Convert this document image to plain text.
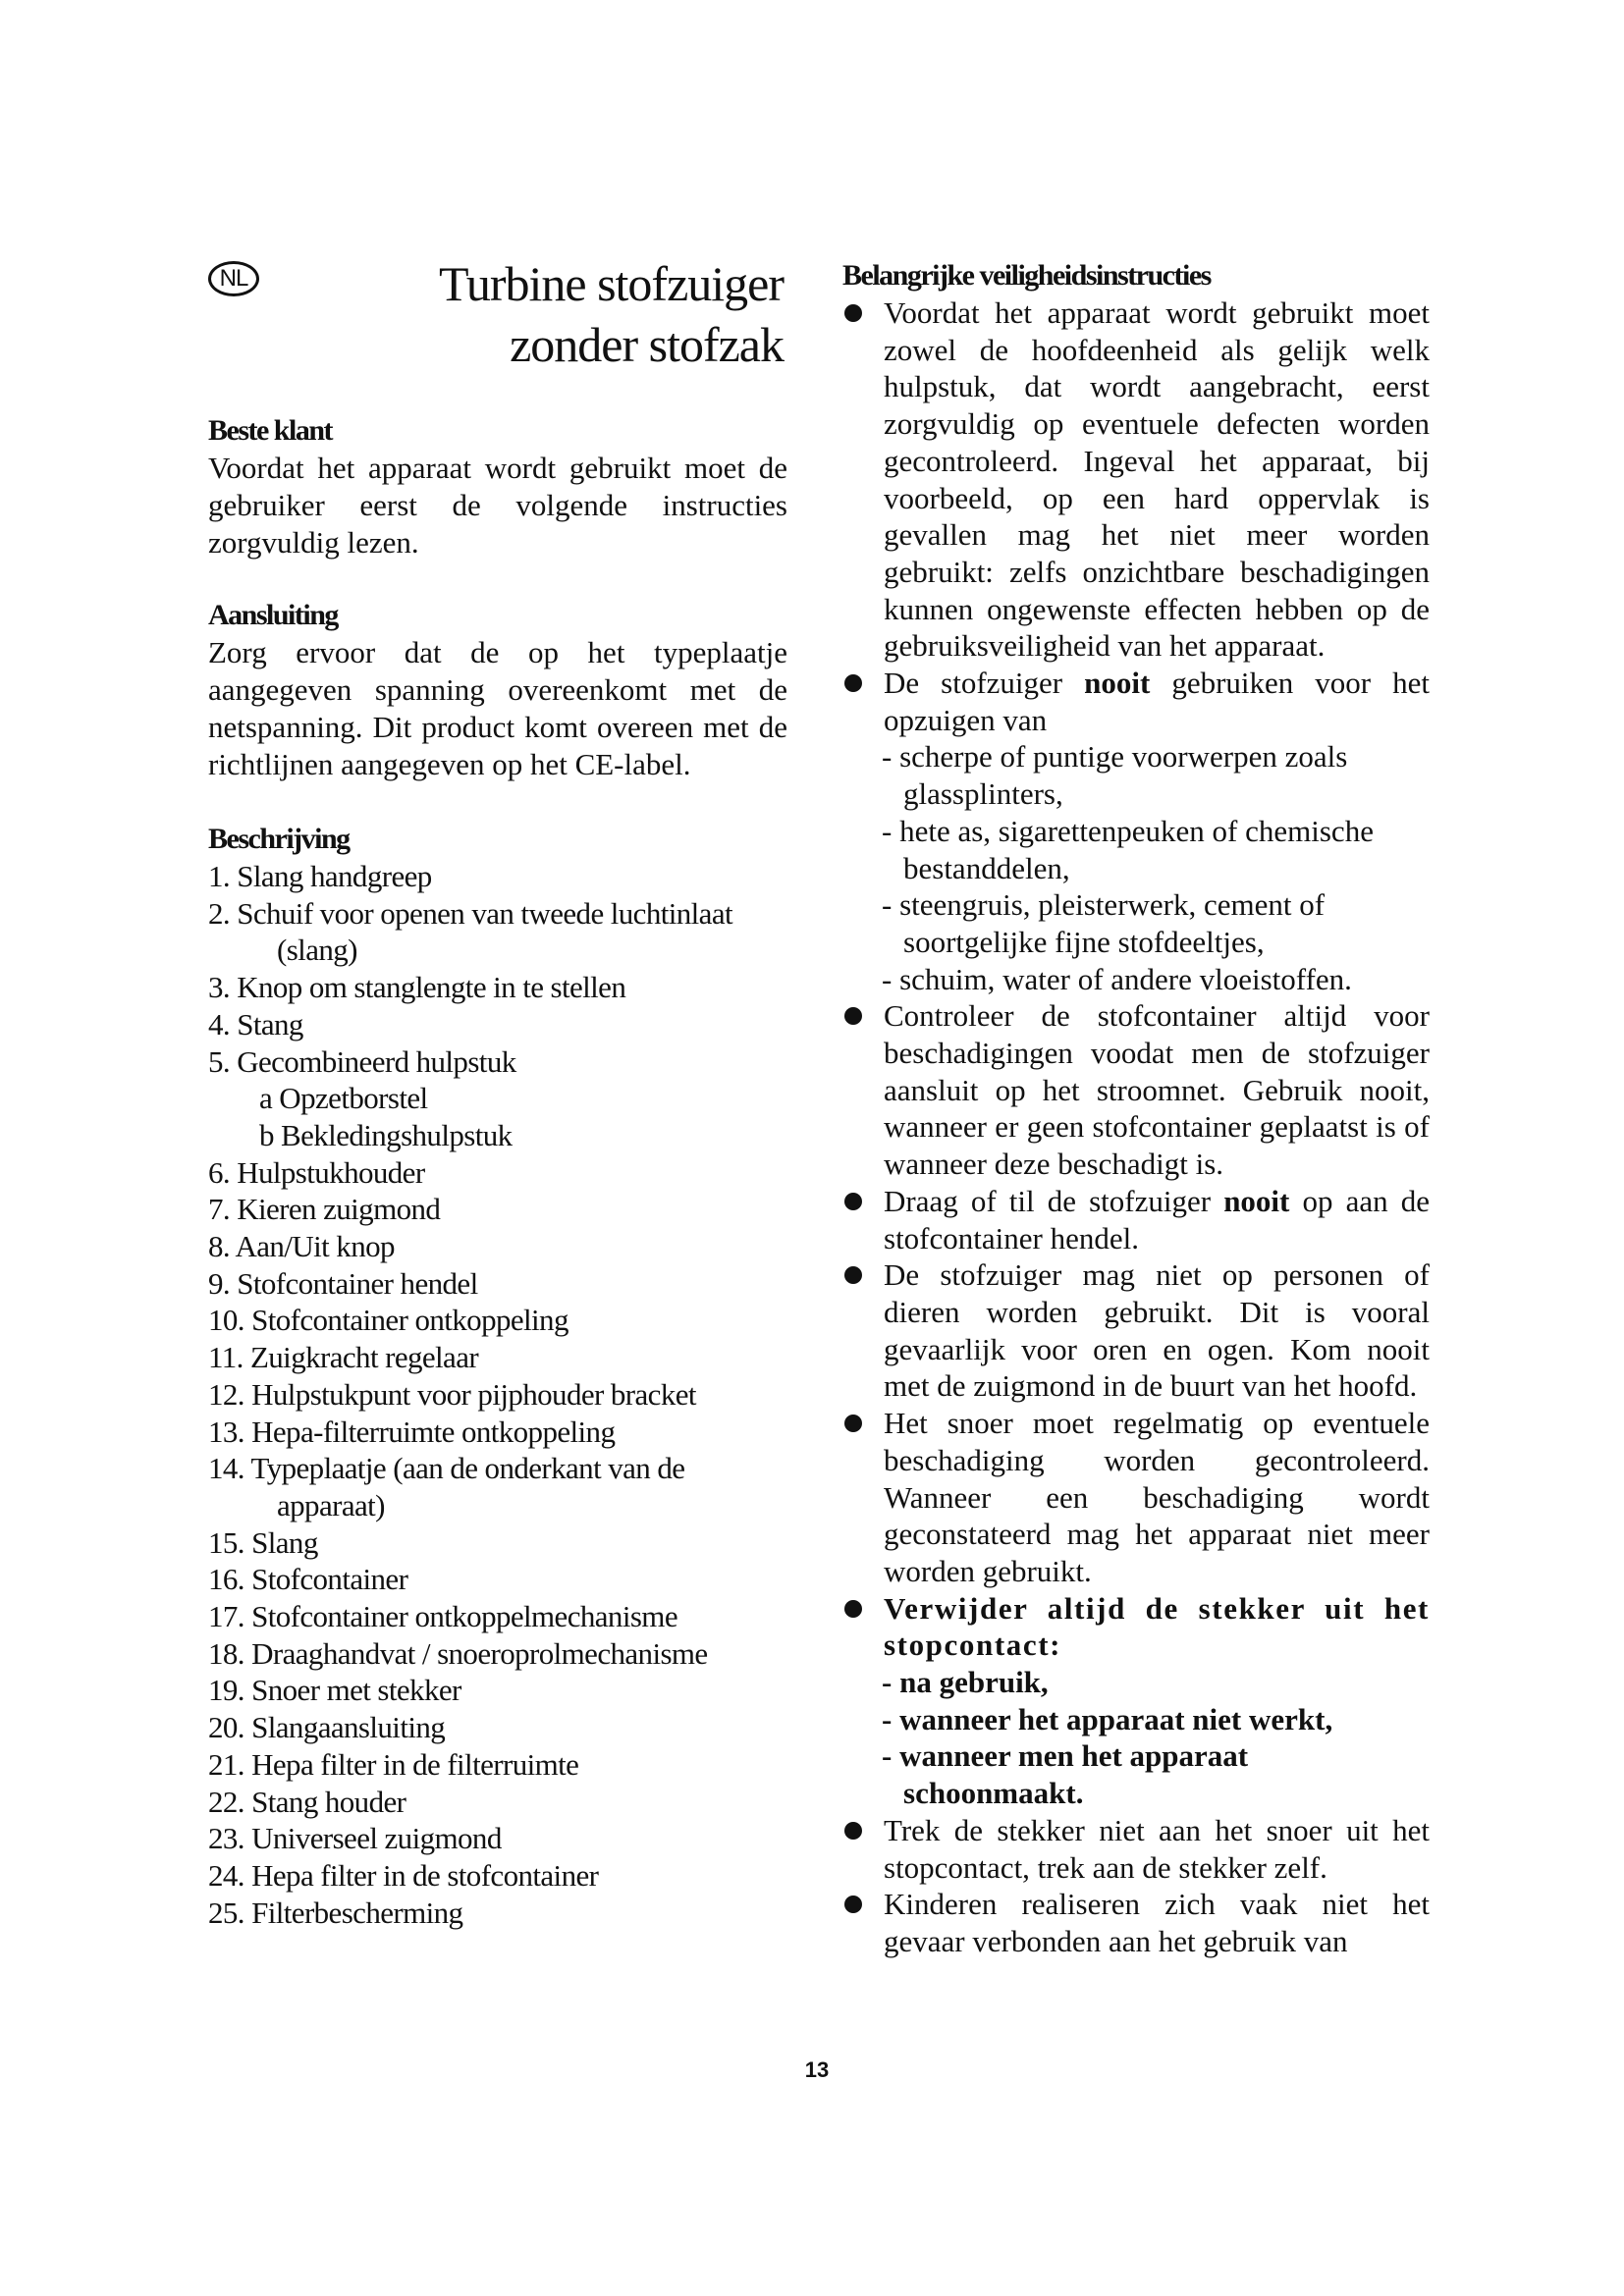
NL	Turbine stofzuiger
zonder stofzak
Beste klant
Voordat het apparaat wordt gebruikt moet de gebruiker eerst de volgende instructies zorgvuldig lezen.
Aansluiting
Zorg ervoor dat de op het typeplaatje aangegeven spanning overeenkomt met de netspanning. Dit product komt overeen met de richtlijnen aangegeven op het CE-label.
Beschrijving
1. Slang handgreep
2. Schuif voor openen van tweede luchtinlaat (slang)
3. Knop om stanglengte in te stellen
4. Stang
5. Gecombineerd hulpstuk
a Opzetborstel
b Bekledingshulpstuk
6. Hulpstukhouder
7. Kieren zuigmond
8. Aan/Uit knop
9. Stofcontainer hendel
10. Stofcontainer ontkoppeling
11. Zuigkracht regelaar
12. Hulpstukpunt voor pijphouder bracket
13. Hepa-filterruimte ontkoppeling
14. Typeplaatje (aan de onderkant van de apparaat)
15. Slang
16. Stofcontainer
17. Stofcontainer ontkoppelmechanisme
18. Draaghandvat / snoeroprolmechanisme
19. Snoer met stekker
20. Slangaansluiting
21. Hepa filter in de filterruimte
22. Stang houder
23. Universeel zuigmond
24. Hepa filter in de stofcontainer
25. Filterbescherming
Belangrijke veiligheidsinstructies
Voordat het apparaat wordt gebruikt moet zowel de hoofdeenheid als gelijk welk hulpstuk, dat wordt aangebracht, eerst zorgvuldig op eventuele defecten worden gecontroleerd. Ingeval het apparaat, bij voorbeeld, op een hard oppervlak is gevallen mag het niet meer worden gebruikt: zelfs onzichtbare beschadigingen kunnen ongewenste effecten hebben op de gebruiksveiligheid van het apparaat.
De stofzuiger nooit gebruiken voor het opzuigen van
- scherpe of puntige voorwerpen zoals glassplinters,
- hete as, sigarettenpeuken of chemische bestanddelen,
- steengruis, pleisterwerk, cement of soortgelijke fijne stofdeeltjes,
- schuim, water of andere vloeistoffen.
Controleer de stofcontainer altijd voor beschadigingen voodat men de stofzuiger aansluit op het stroomnet. Gebruik nooit, wanneer er geen stofcontainer geplaatst is of wanneer deze beschadigt is.
Draag of til de stofzuiger nooit op aan de stofcontainer hendel.
De stofzuiger mag niet op personen of dieren worden gebruikt. Dit is vooral gevaarlijk voor oren en ogen. Kom nooit met de zuigmond in de buurt van het hoofd.
Het snoer moet regelmatig op eventuele beschadiging worden gecontroleerd. Wanneer een beschadiging wordt geconstateerd mag het apparaat niet meer worden gebruikt.
Verwijder altijd de stekker uit het stopcontact:
- na gebruik,
- wanneer het apparaat niet werkt,
- wanneer men het apparaat schoonmaakt.
Trek de stekker niet aan het snoer uit het stopcontact, trek aan de stekker zelf.
Kinderen realiseren zich vaak niet het gevaar verbonden aan het gebruik van
13
